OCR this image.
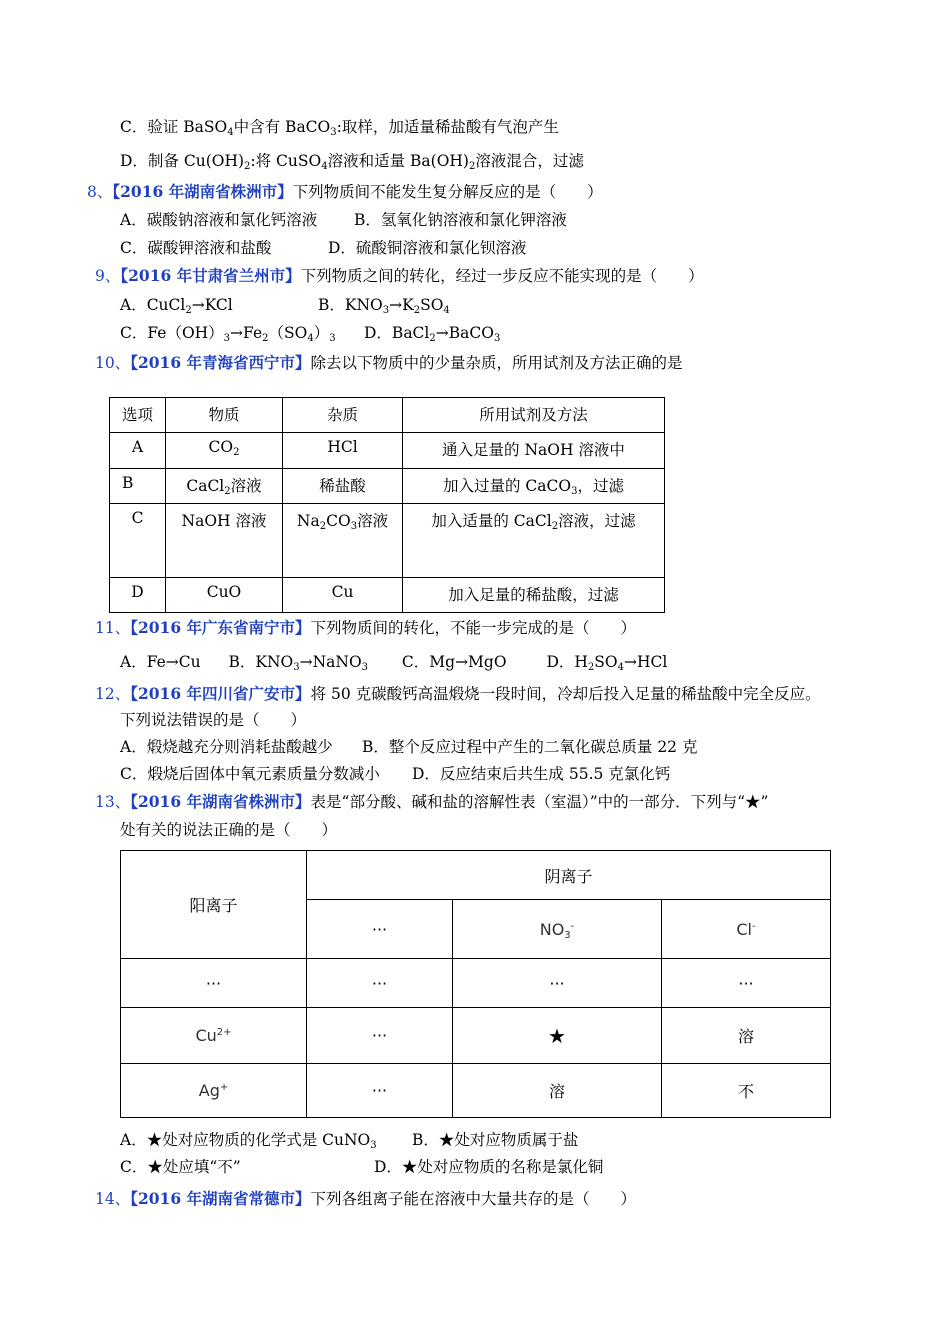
C．验证 BaSO$_4$中含有 BaCO$_3$:取样，加适量稀盐酸有气泡产生
D．制备 $Cu(OH)_2$:将 CuSO$_4$溶液和适量 $Ba(OH)_2$溶液混合，过滤
8、【2016 年湖南省株洲市】下列物质间不能发生复分解反应的是（　　）
A．碳酸钠溶液和氯化钙溶液 B．氢氧化钠溶液和氯化钾溶液
C．碳酸钾溶液和盐酸	D．硫酸铜溶液和氯化钡溶液
9、【2016 年甘肃省兰州市】下列物质之间的转化，经过一步反应不能实现的是（　　）
A．CuCl$_2$→KCl	B．$KNO_3\to K_2SO_4$
C．$Fe(OH)_3\to Fe_2(SO_4)_3$ D．BaCl$_2$→BaCO$_3$
10、【2016 年青海省西宁市】除去以下物质中的少量杂质，所用试剂及方法正确的是
选项	物质	杂质	所用试剂及方法
A	$CO_2$	HCl	通入足量的 NaOH 溶液中
B	CaCl$_2$溶液	稀盐酸	加入过量的 CaCO$_3$，过滤
C	NaOH 溶液	$Na_2CO_3$溶液	加入适量的 CaCl$_2$溶液，过滤
D	CuO	Cu	加入足量的稀盐酸，过滤
11、【2016 年广东省南宁市】下列物质间的转化，不能一步完成的是（　　）
A．Fe→Cu B．$KNO_3\to NaNO_3$ C．Mg→MgO	D．$H_2SO_4\to HCl$
12、【2016 年四川省广安市】将 50 克碳酸钙高温煅烧一段时间，冷却后投入足量的稀盐酸中完全反应。
下列说法错误的是（　　）
A．煅烧越充分则消耗盐酸越少 B．整个反应过程中产生的二氧化碳总质量 22 克
C．煅烧后固体中氧元素质量分数减小 D．反应结束后共生成 55.5 克氯化钙
13、【2016 年湖南省株洲市】表是“部分酸、碱和盐的溶解性表（室温）”中的一部分．下列与“★”
处有关的说法正确的是（　　）
阳离子	阴离子		
	···	$NO_3^-$	Cl-
···	···	···	···
$Cu^{2+}$	···	★	溶
Ag+	···	溶	不
A．★处对应物质的化学式是 CuNO$_3$ B．★处对应物质属于盐
C．★处应填“不”	D．★处对应物质的名称是氯化铜
14、【2016 年湖南省常德市】下列各组离子能在溶液中大量共存的是（　　）
